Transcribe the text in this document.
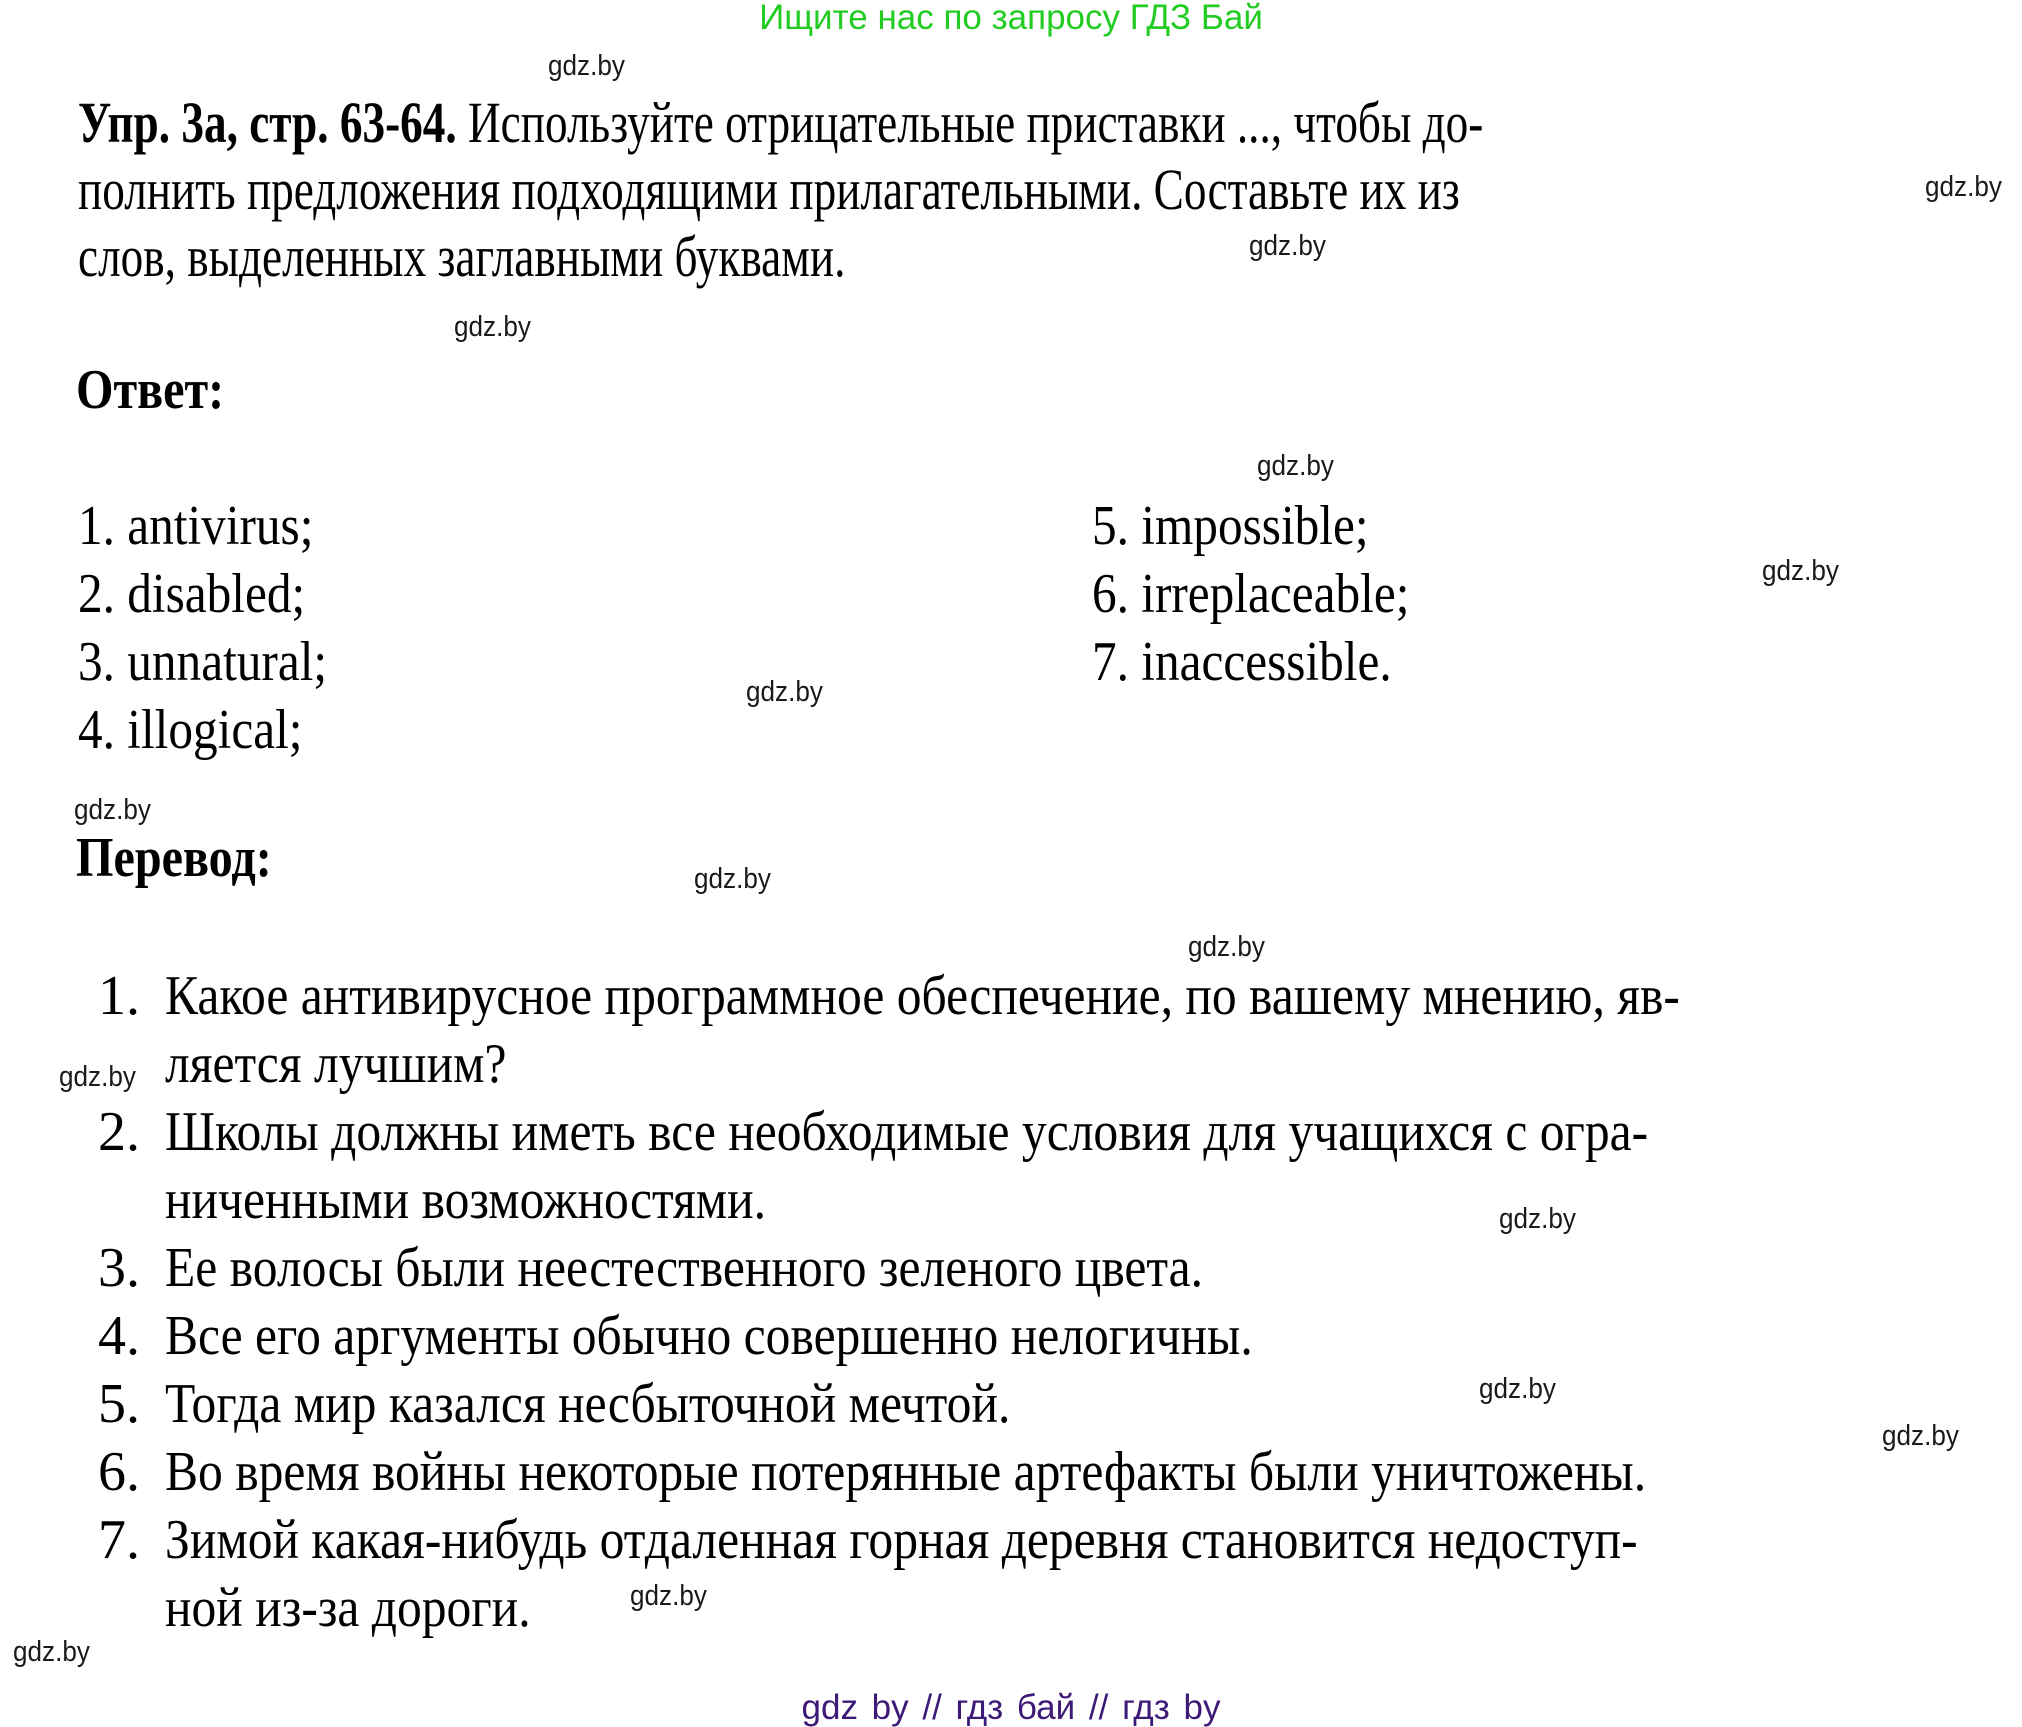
Ищите нас по запросу ГДЗ Бай
Упр. 3а, стр. 63-64. Используйте отрицательные приставки ..., чтобы до-
полнить предложения подходящими прилагательными. Составьте их из
слов, выделенных заглавными буквами.
Ответ:
1. antivirus;
2. disabled;
3. unnatural;
4. illogical;
5. impossible;
6. irreplaceable;
7. inaccessible.
Перевод:
1. Какое антивирусное программное обеспечение, по вашему мнению, яв-
ляется лучшим?
2. Школы должны иметь все необходимые условия для учащихся с огра-
ниченными возможностями.
3. Ее волосы были неестественного зеленого цвета.
4. Все его аргументы обычно совершенно нелогичны.
5. Тогда мир казался несбыточной мечтой.
6. Во время войны некоторые потерянные артефакты были уничтожены.
7. Зимой какая-нибудь отдаленная горная деревня становится недоступ-
ной из-за дороги.
gdz.by
gdz.by
gdz.by
gdz.by
gdz.by
gdz.by
gdz.by
gdz.by
gdz.by
gdz.by
gdz.by
gdz.by
gdz.by
gdz.by
gdz.by
gdz.by
gdz by // гдз бай // гдз by
